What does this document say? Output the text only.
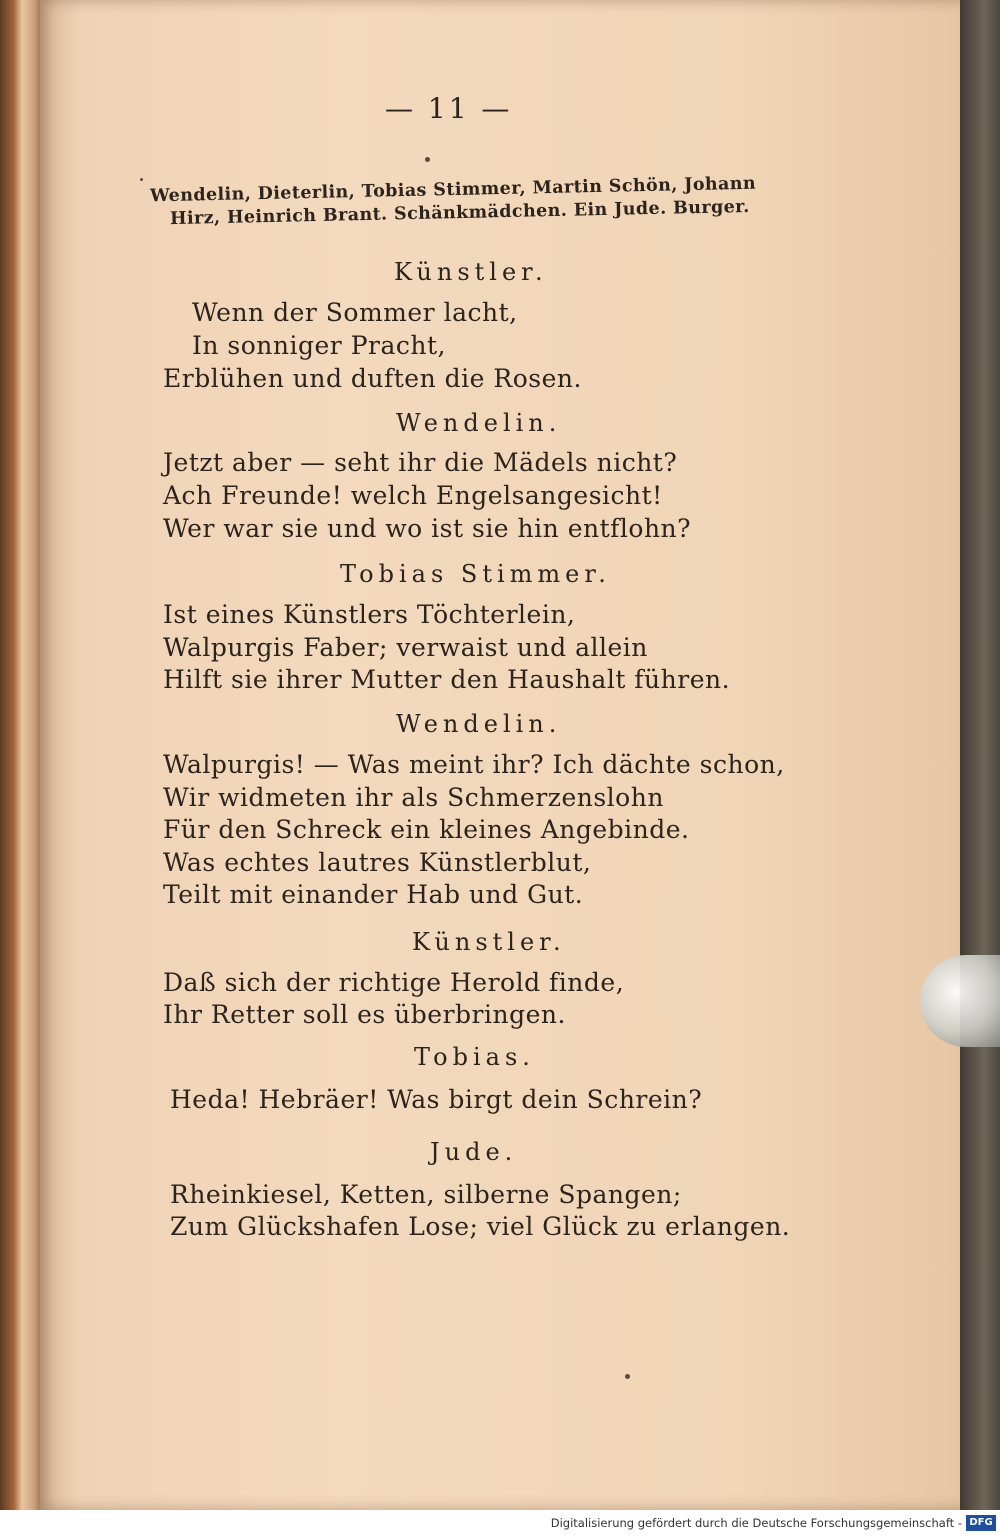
— 11 —
Wendelin, Dieterlin, Tobias Stimmer, Martin Schön, Johann
Hirz, Heinrich Brant. Schänkmädchen. Ein Jude. Burger.
Künstler.
Wenn der Sommer lacht,
In sonniger Pracht,
Erblühen und duften die Rosen.
Wendelin.
Jetzt aber — seht ihr die Mädels nicht?
Ach Freunde! welch Engelsangesicht!
Wer war sie und wo ist sie hin entflohn?
Tobias Stimmer.
Ist eines Künstlers Töchterlein,
Walpurgis Faber; verwaist und allein
Hilft sie ihrer Mutter den Haushalt führen.
Wendelin.
Walpurgis! — Was meint ihr? Ich dächte schon,
Wir widmeten ihr als Schmerzenslohn
Für den Schreck ein kleines Angebinde.
Was echtes lautres Künstlerblut,
Teilt mit einander Hab und Gut.
Künstler.
Daß sich der richtige Herold finde,
Ihr Retter soll es überbringen.
Tobias.
Heda! Hebräer! Was birgt dein Schrein?
Jude.
Rheinkiesel, Ketten, silberne Spangen;
Zum Glückshafen Lose; viel Glück zu erlangen.
Digitalisierung gefördert durch die Deutsche Forschungsgemeinschaft - DFG
